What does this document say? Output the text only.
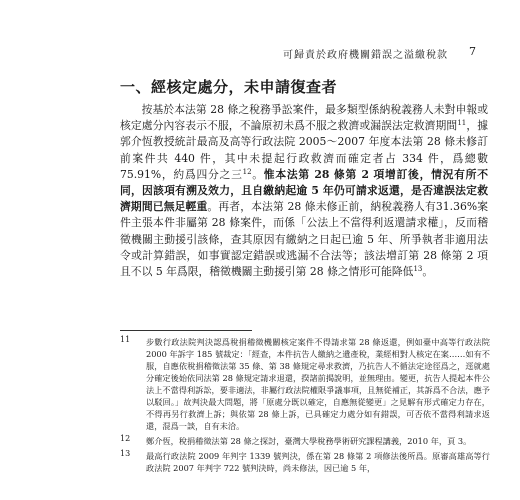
可歸責於政府機關錯誤之溢繳稅款	7
一、經核定處分，未申請復查者

按基於本法第 28 條之稅務爭訟案件，最多類型係納稅義務人未對申報或核定處分內容表示不服，不論原初未爲不服之救濟或漏誤法定救濟期間$^{11}$，據郭介恆教授統計最高及高等行政法院 2005～2007 年度本法第 28 條未修訂前案件共 440 件，其中未提起行政救濟而確定者占 334 件，爲總數 75.91%，約爲四分之三$^{12}$。惟本法第 28 條第 2 項增訂後，情況有所不同，因該項有溯及效力，且自繳納起逾 5 年仍可請求返還，是否違誤法定救濟期間已無足輕重。再者，本法第 28 條未修正前，納稅義務人有31.36%案件主張本件非屬第 28 條案件，而係「公法上不當得利返還請求權」，反而稽徵機關主動援引該條，查其原因有繳納之日起已逾 5 年、所爭執者非適用法令或計算錯誤，如事實認定錯誤或逃漏不合法等；該法增訂第 28 條第 2 項且不以 5 年爲限，稽徵機關主動援引第 28 條之情形可能降低$^{13}$。

11 步數行政法院判決認爲稅捐稽徵機關核定案件不得請求第 28 條返還，例如臺中高等行政法院 2000 年訴字 185 號裁定：「經查，本件抗告人繳納之遺產稅，業經相對人核定在案……如有不服，自應依稅捐稽徵法第 35 條、第 38 條規定尋求救濟，乃抗告人不循法定途徑爲之，逕就處分確定後始依同法第 28 條規定請求退還，揆諸前揭說明，並無理由。變更，抗告人提起本件公法上不當得利訴訟，要非適法，非屬行政法院權限爭議事項，且無從補正，其訴爲不合法，應予以駁回。」故判決最大問題，將「原處分既以確定，自應無從變更」之見解有形式確定力存在，不得再另行救濟上訴；與依第 28 條上訴，已具確定力處分如有錯誤，可否依不當得利請求返還，混爲一談，自有未洽。
12 鄭介恆，稅捐稽徵法第 28 條之探討，臺灣大學稅務學術研究課程講義，2010 年，頁 3。
13 最高行政法院 2009 年判字 1339 號判決，係在第 28 條第 2 項修法後所爲。原審高雄高等行政法院 2007 年判字 722 號判決時，尚未修法，因已逾 5 年，
